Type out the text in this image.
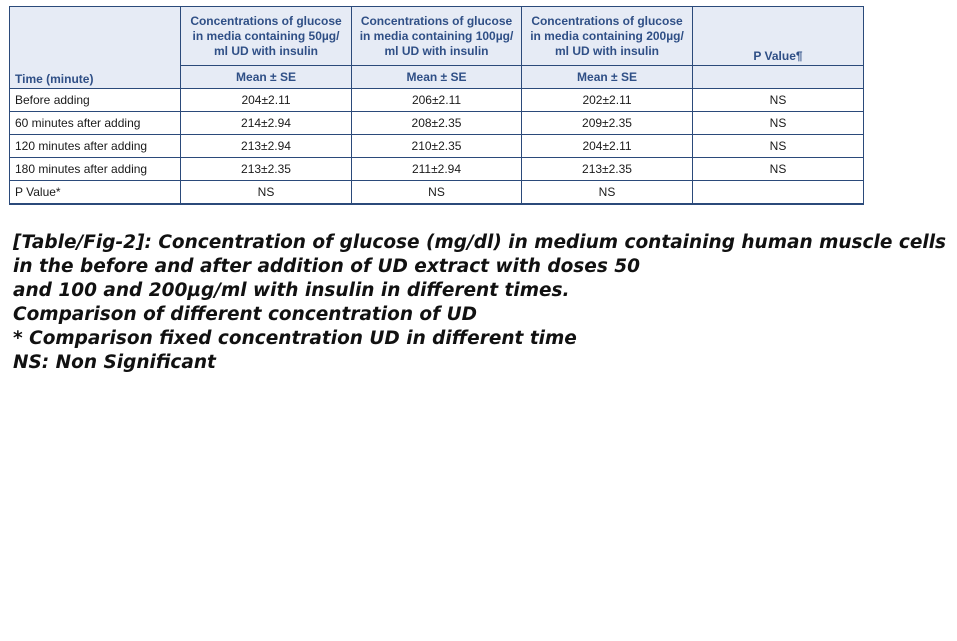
Time (minute)	Concentrations of glucose in media containing 50µg/ ml UD with insulin	Concentrations of glucose in media containing 100µg/ ml UD with insulin	Concentrations of glucose in media containing 200µg/ ml UD with insulin	P Value¶
	Mean ± SE	Mean ± SE	Mean ± SE	
Before adding	204±2.11	206±2.11	202±2.11	NS
60 minutes after adding	214±2.94	208±2.35	209±2.35	NS
120 minutes after adding	213±2.94	210±2.35	204±2.11	NS
180 minutes after adding	213±2.35	211±2.94	213±2.35	NS
P Value*	NS	NS	NS	
[Table/Fig-2]: Concentration of glucose (mg/dl) in medium containing human muscle cells
in the before and after addition of UD extract with doses 50
and 100 and 200µg/ml with insulin in different times.
Comparison of different concentration of UD
* Comparison fixed concentration UD in different time
NS: Non Significant
